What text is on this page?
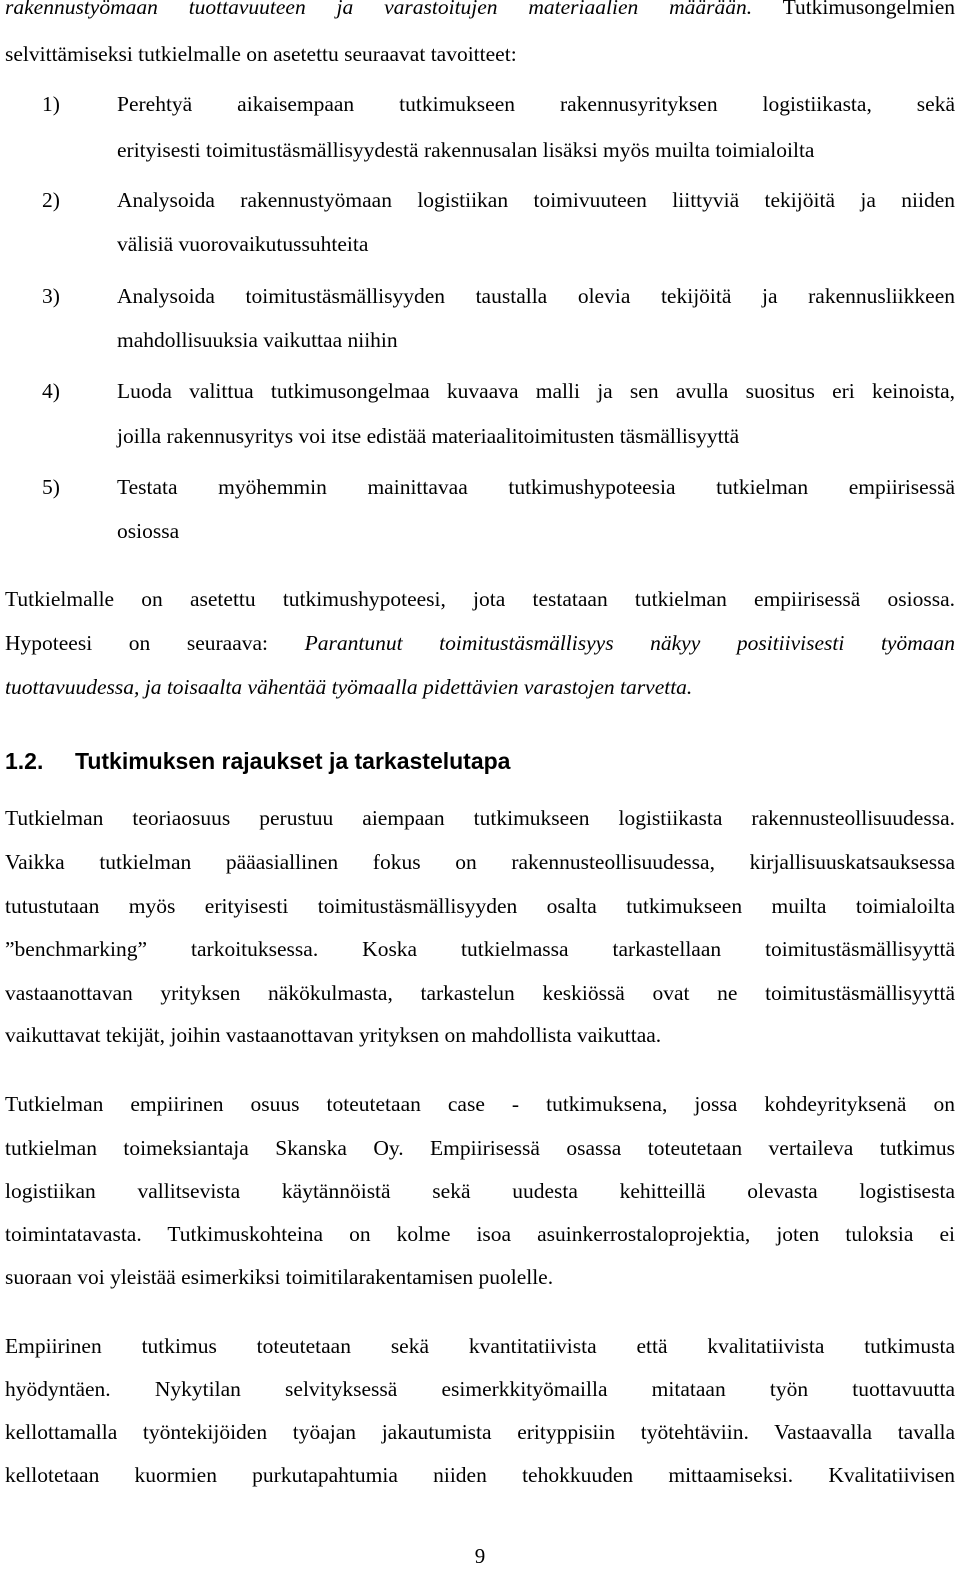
rakennustyömaan tuottavuuteen ja varastoitujen materiaalien määrään. Tutkimusongelmien
selvittämiseksi tutkielmalle on asetettu seuraavat tavoitteet:
1)	Perehtyä aikaisempaan tutkimukseen rakennusyrityksen logistiikasta, sekä
erityisesti toimitustäsmällisyydestä rakennusalan lisäksi myös muilta toimialoilta
2)	Analysoida rakennustyömaan logistiikan toimivuuteen liittyviä tekijöitä ja niiden
välisiä vuorovaikutussuhteita
3)	Analysoida toimitustäsmällisyyden taustalla olevia tekijöitä ja rakennusliikkeen
mahdollisuuksia vaikuttaa niihin
4)	Luoda valittua tutkimusongelmaa kuvaava malli ja sen avulla suositus eri keinoista,
joilla rakennusyritys voi itse edistää materiaalitoimitusten täsmällisyyttä
5)	Testata myöhemmin mainittavaa tutkimushypoteesia tutkielman empiirisessä
osiossa
Tutkielmalle on asetettu tutkimushypoteesi, jota testataan tutkielman empiirisessä osiossa.
Hypoteesi on seuraava: Parantunut toimitustäsmällisyys näkyy positiivisesti työmaan
tuottavuudessa, ja toisaalta vähentää työmaalla pidettävien varastojen tarvetta.
1.2. Tutkimuksen rajaukset ja tarkastelutapa
Tutkielman teoriaosuus perustuu aiempaan tutkimukseen logistiikasta rakennusteollisuudessa.
Vaikka tutkielman pääasiallinen fokus on rakennusteollisuudessa, kirjallisuuskatsauksessa
tutustutaan myös erityisesti toimitustäsmällisyyden osalta tutkimukseen muilta toimialoilta
”benchmarking” tarkoituksessa. Koska tutkielmassa tarkastellaan toimitustäsmällisyyttä
vastaanottavan yrityksen näkökulmasta, tarkastelun keskiössä ovat ne toimitustäsmällisyyttä
vaikuttavat tekijät, joihin vastaanottavan yrityksen on mahdollista vaikuttaa.
Tutkielman empiirinen osuus toteutetaan case - tutkimuksena, jossa kohdeyrityksenä on
tutkielman toimeksiantaja Skanska Oy. Empiirisessä osassa toteutetaan vertaileva tutkimus
logistiikan vallitsevista käytännöistä sekä uudesta kehitteillä olevasta logistisesta
toimintatavasta. Tutkimuskohteina on kolme isoa asuinkerrostaloprojektia, joten tuloksia ei
suoraan voi yleistää esimerkiksi toimitilarakentamisen puolelle.
Empiirinen tutkimus toteutetaan sekä kvantitatiivista että kvalitatiivista tutkimusta
hyödyntäen. Nykytilan selvityksessä esimerkkityömailla mitataan työn tuottavuutta
kellottamalla työntekijöiden työajan jakautumista erityppisiin työtehtäviin. Vastaavalla tavalla
kellotetaan kuormien purkutapahtumia niiden tehokkuuden mittaamiseksi. Kvalitatiivisen
9
